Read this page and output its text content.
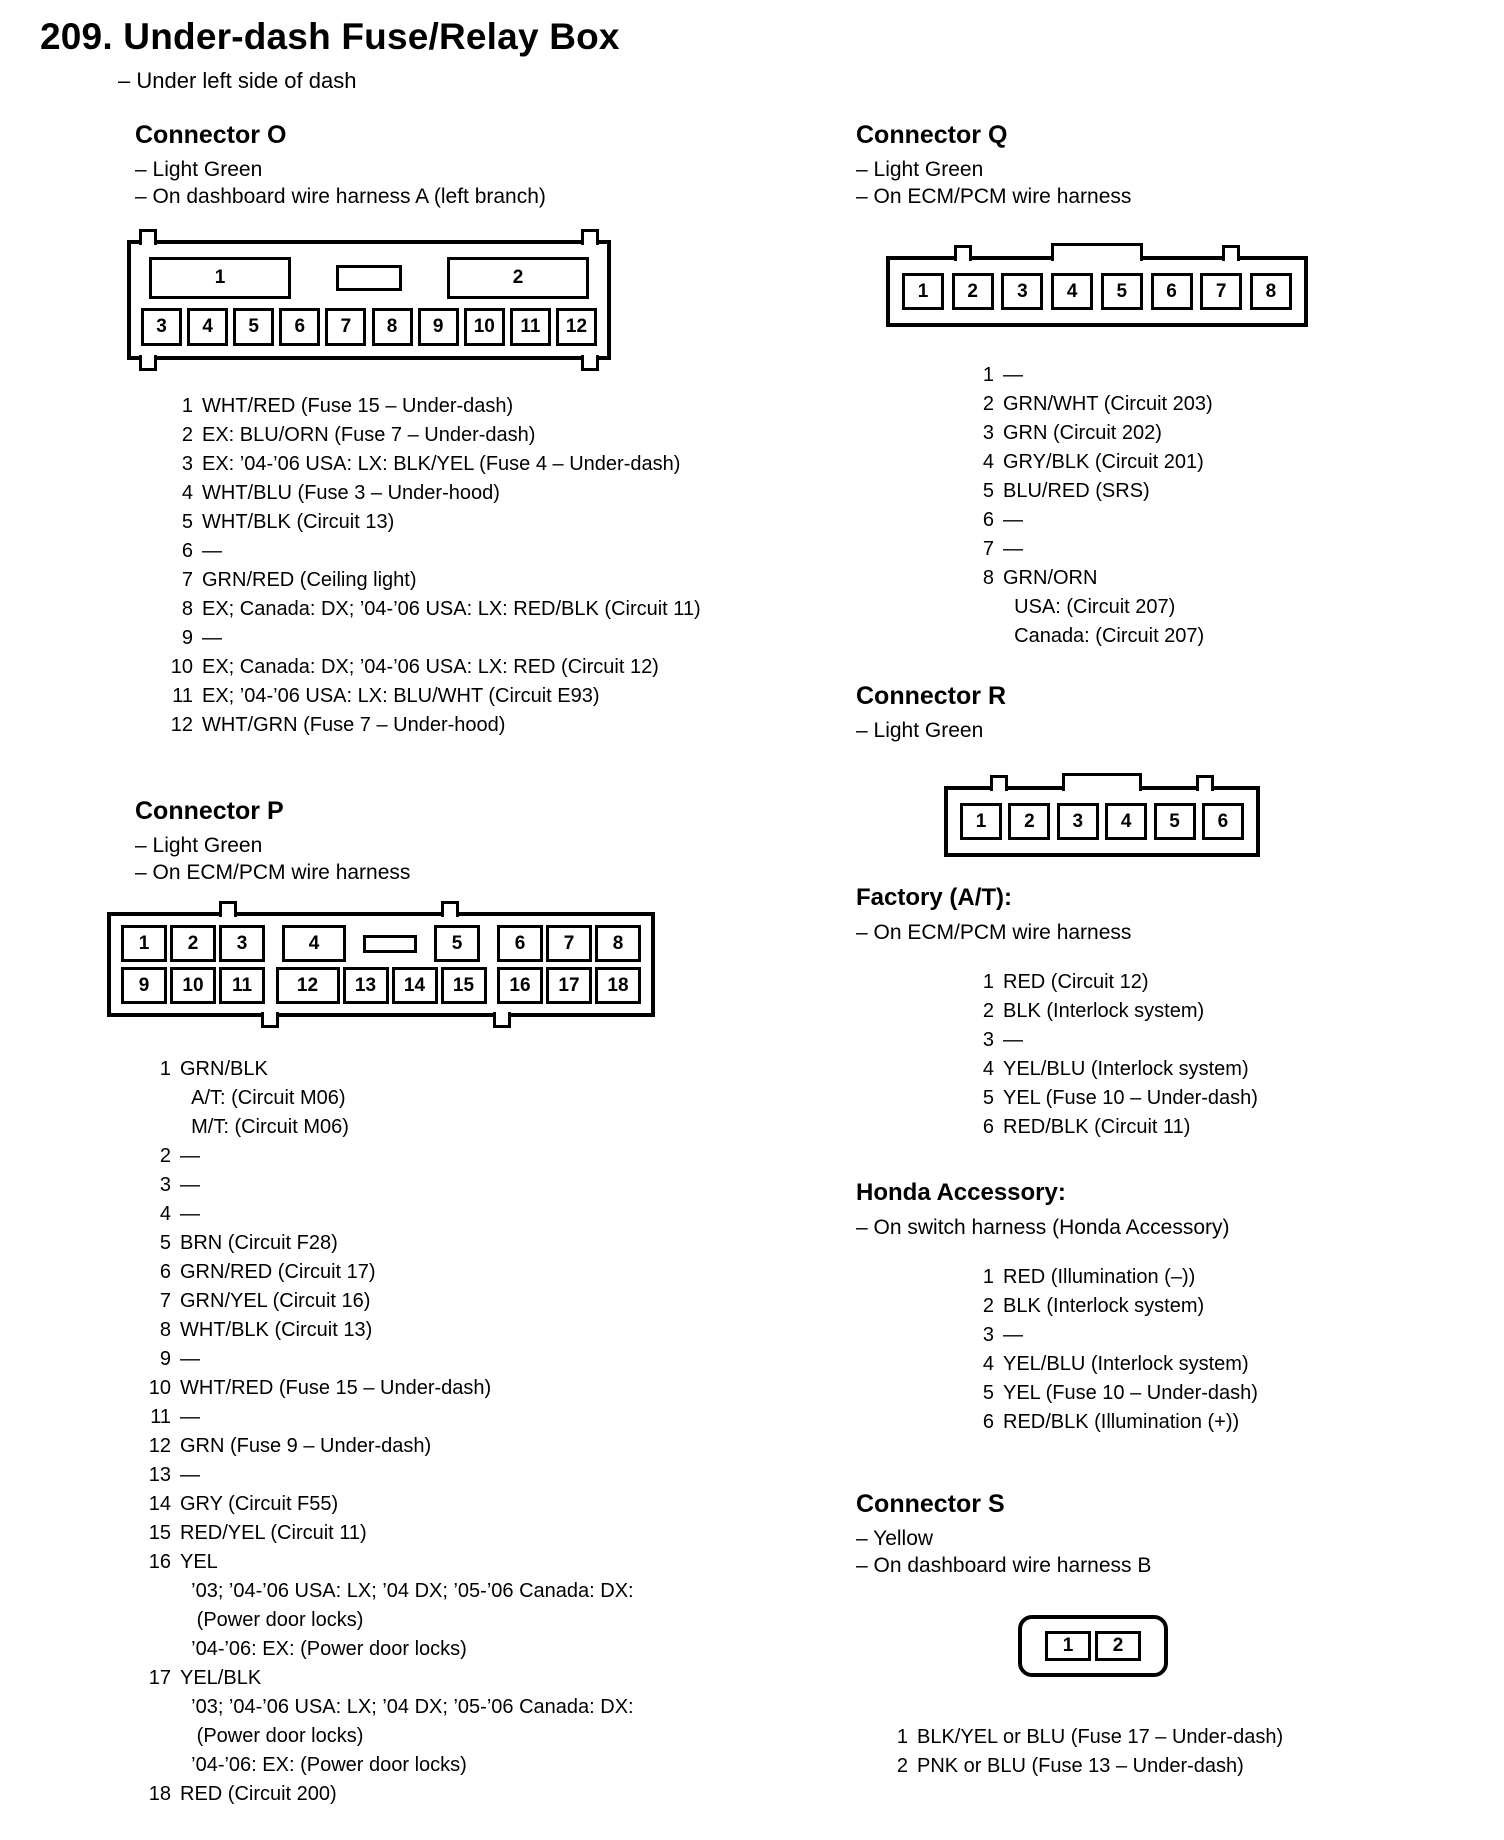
209. Under-dash Fuse/Relay Box
– Under left side of dash
Connector O
– Light Green
– On dashboard wire harness A (left branch)
1	2
3	4	5	6	7	8	9	10	11	12
1 WHT/RED (Fuse 15 – Under-dash)
2 EX: BLU/ORN (Fuse 7 – Under-dash)
3 EX: ’04-’06 USA: LX: BLK/YEL (Fuse 4 – Under-dash)
4 WHT/BLU (Fuse 3 – Under-hood)
5 WHT/BLK (Circuit 13)
6 —
7 GRN/RED (Ceiling light)
8 EX; Canada: DX; ’04-’06 USA: LX: RED/BLK (Circuit 11)
9 —
10 EX; Canada: DX; ’04-’06 USA: LX: RED (Circuit 12)
11 EX; ’04-’06 USA: LX: BLU/WHT (Circuit E93)
12 WHT/GRN (Fuse 7 – Under-hood)
Connector P
– Light Green
– On ECM/PCM wire harness
1	2	3	4	5	6	7	8
9	10	11	12	13	14	15	16	17	18
1 GRN/BLK
A/T: (Circuit M06)
M/T: (Circuit M06)
2 —
3 —
4 —
5 BRN (Circuit F28)
6 GRN/RED (Circuit 17)
7 GRN/YEL (Circuit 16)
8 WHT/BLK (Circuit 13)
9 —
10 WHT/RED (Fuse 15 – Under-dash)
11 —
12 GRN (Fuse 9 – Under-dash)
13 —
14 GRY (Circuit F55)
15 RED/YEL (Circuit 11)
16 YEL
’03; ’04-’06 USA: LX; ’04 DX; ’05-’06 Canada: DX:
(Power door locks)
’04-’06: EX: (Power door locks)
17 YEL/BLK
’03; ’04-’06 USA: LX; ’04 DX; ’05-’06 Canada: DX:
(Power door locks)
’04-’06: EX: (Power door locks)
18 RED (Circuit 200)
Connector Q
– Light Green
– On ECM/PCM wire harness
1	2	3	4	5	6	7	8
1 —
2 GRN/WHT (Circuit 203)
3 GRN (Circuit 202)
4 GRY/BLK (Circuit 201)
5 BLU/RED (SRS)
6 —
7 —
8 GRN/ORN
USA: (Circuit 207)
Canada: (Circuit 207)
Connector R
– Light Green
1	2	3	4	5	6
Factory (A/T):
– On ECM/PCM wire harness
1 RED (Circuit 12)
2 BLK (Interlock system)
3 —
4 YEL/BLU (Interlock system)
5 YEL (Fuse 10 – Under-dash)
6 RED/BLK (Circuit 11)
Honda Accessory:
– On switch harness (Honda Accessory)
1 RED (Illumination (–))
2 BLK (Interlock system)
3 —
4 YEL/BLU (Interlock system)
5 YEL (Fuse 10 – Under-dash)
6 RED/BLK (Illumination (+))
Connector S
– Yellow
– On dashboard wire harness B
1	2
1 BLK/YEL or BLU (Fuse 17 – Under-dash)
2 PNK or BLU (Fuse 13 – Under-dash)
